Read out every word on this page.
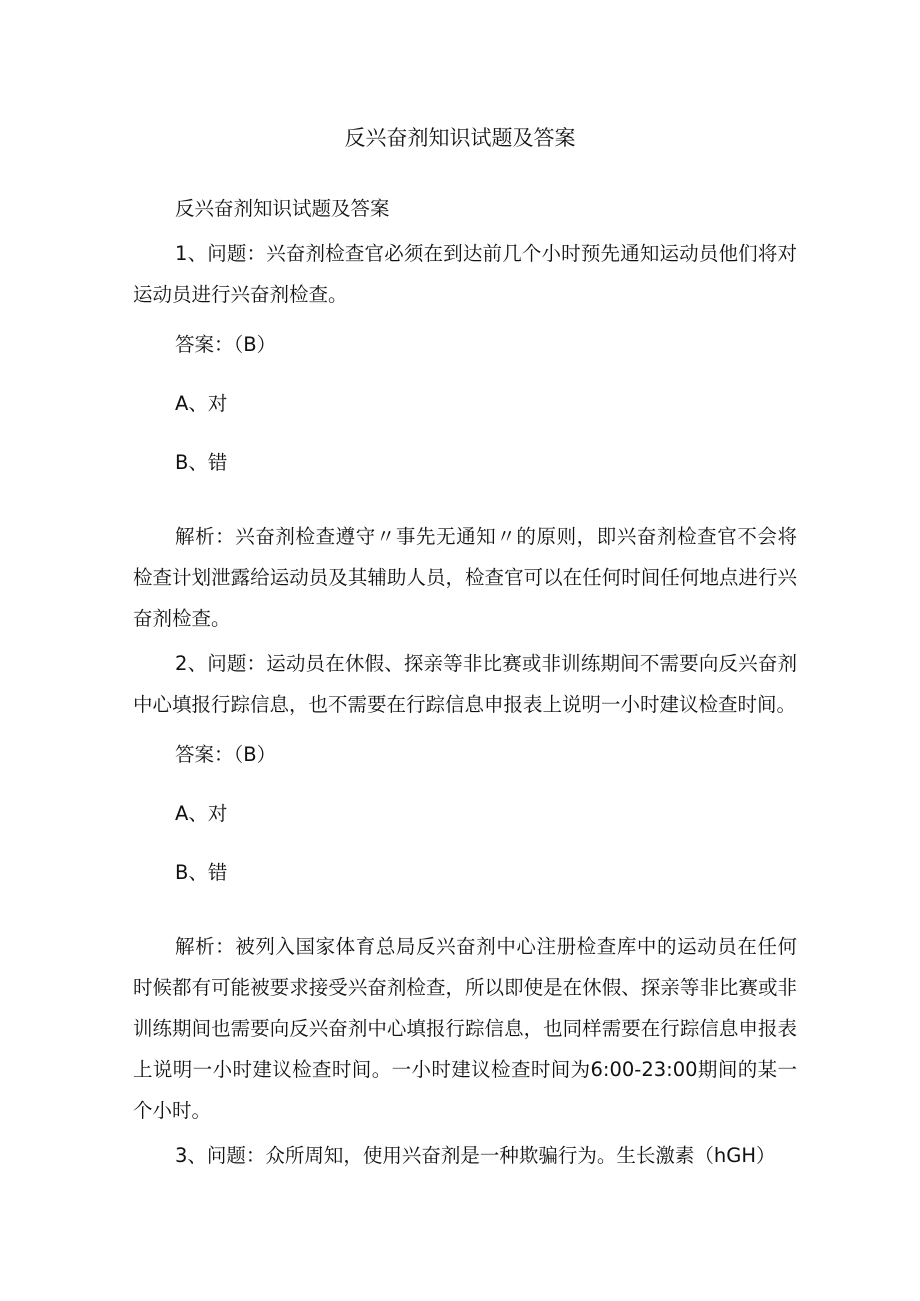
反兴奋剂知识试题及答案

反兴奋剂知识试题及答案

1、问题：兴奋剂检查官必须在到达前几个小时预先通知运动员他们将对运动员进行兴奋剂检查。

答案：（B）

A、对

B、错

解析：兴奋剂检查遵守〃事先无通知〃的原则，即兴奋剂检查官不会将检查计划泄露给运动员及其辅助人员，检查官可以在任何时间任何地点进行兴奋剂检查。

2、问题：运动员在休假、探亲等非比赛或非训练期间不需要向反兴奋剂中心填报行踪信息，也不需要在行踪信息申报表上说明一小时建议检查时间。

答案：（B）

A、对

B、错

解析：被列入国家体育总局反兴奋剂中心注册检查库中的运动员在任何时候都有可能被要求接受兴奋剂检查，所以即使是在休假、探亲等非比赛或非训练期间也需要向反兴奋剂中心填报行踪信息，也同样需要在行踪信息申报表上说明一小时建议检查时间。一小时建议检查时间为6:00-23:00期间的某一个小时。

3、问题：众所周知，使用兴奋剂是一种欺骗行为。生长激素（hGH）
